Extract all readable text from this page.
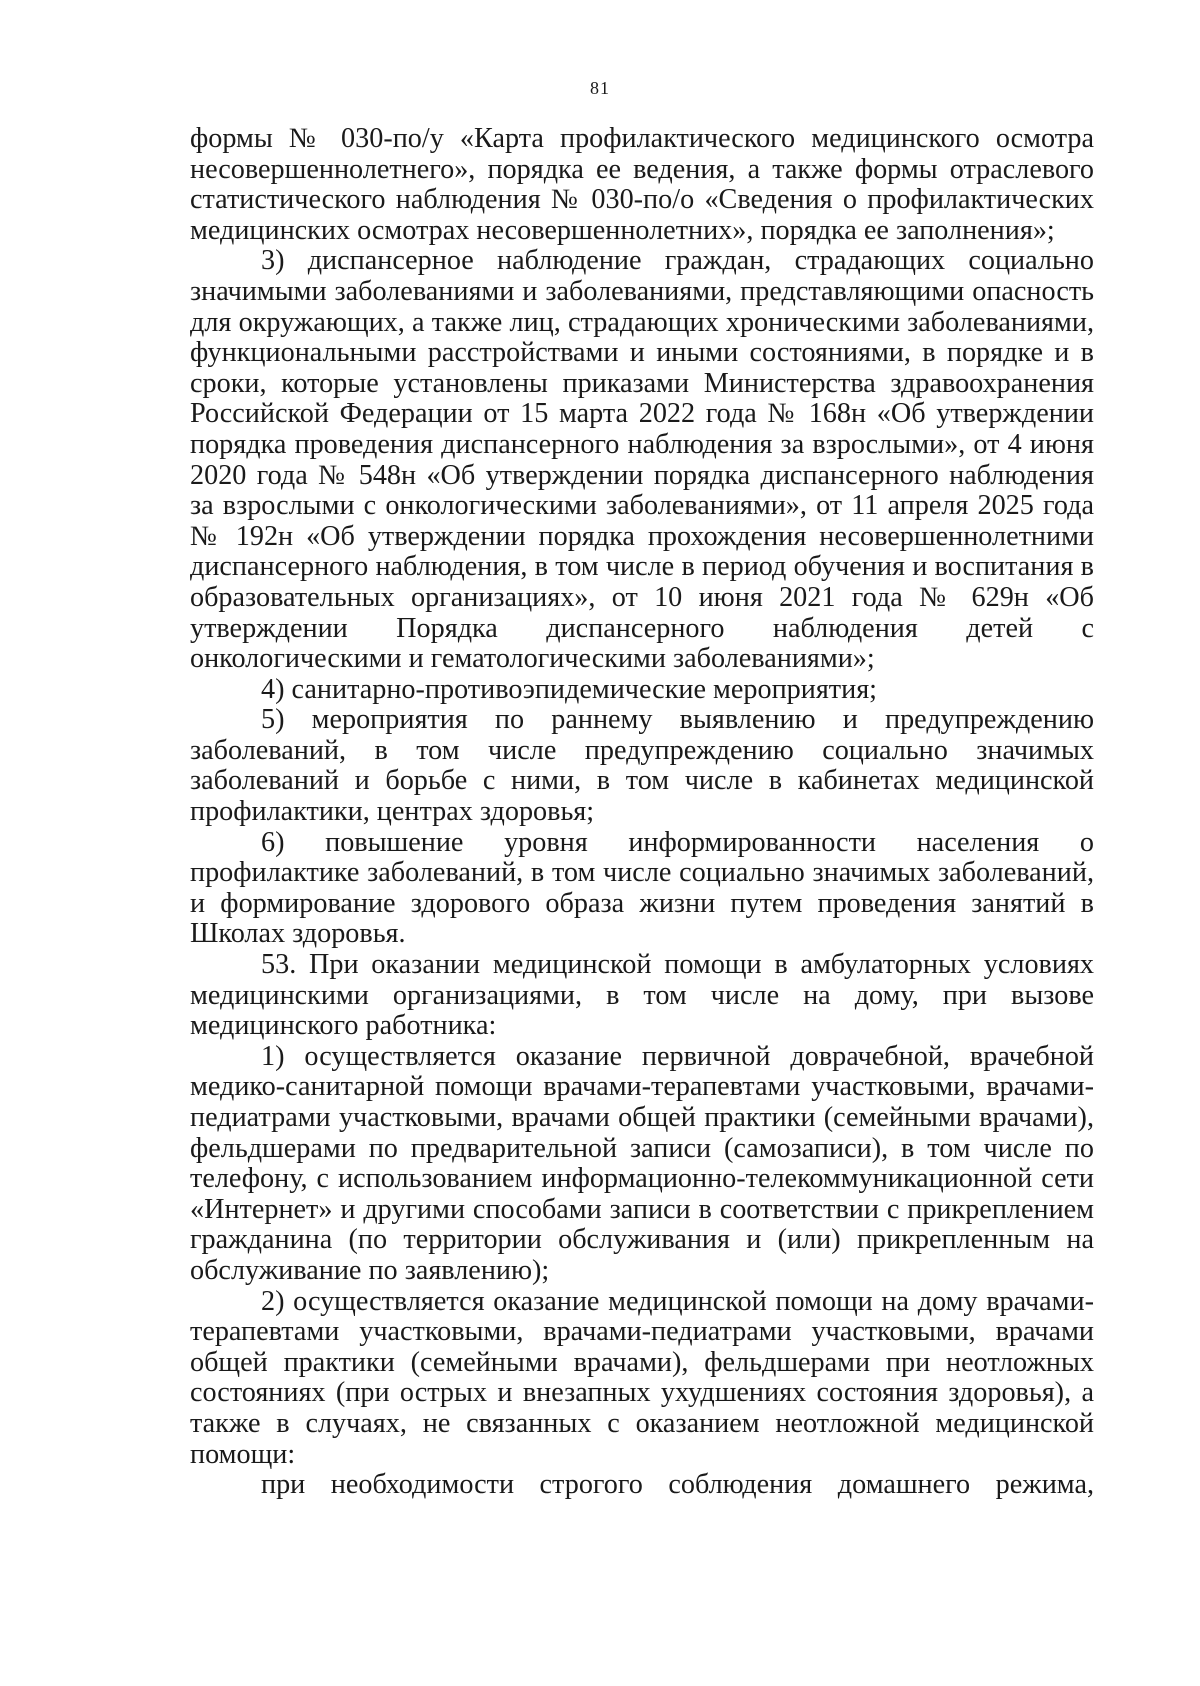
81

формы № 030-по/у «Карта профилактического медицинского осмотра несовершеннолетнего», порядка ее ведения, а также формы отраслевого статистического наблюдения № 030-по/о «Сведения о профилактических медицинских осмотрах несовершеннолетних», порядка ее заполнения»;

3) диспансерное наблюдение граждан, страдающих социально значимыми заболеваниями и заболеваниями, представляющими опасность для окружающих, а также лиц, страдающих хроническими заболеваниями, функциональными расстройствами и иными состояниями, в порядке и в сроки, которые установлены приказами Министерства здравоохранения Российской Федерации от 15 марта 2022 года № 168н «Об утверждении порядка проведения диспансерного наблюдения за взрослыми», от 4 июня 2020 года № 548н «Об утверждении порядка диспансерного наблюдения за взрослыми с онкологическими заболеваниями», от 11 апреля 2025 года № 192н «Об утверждении порядка прохождения несовершеннолетними диспансерного наблюдения, в том числе в период обучения и воспитания в образовательных организациях», от 10 июня 2021 года № 629н «Об утверждении Порядка диспансерного наблюдения детей с онкологическими и гематологическими заболеваниями»;

4) санитарно-противоэпидемические мероприятия;

5) мероприятия по раннему выявлению и предупреждению заболеваний, в том числе предупреждению социально значимых заболеваний и борьбе с ними, в том числе в кабинетах медицинской профилактики, центрах здоровья;

6) повышение уровня информированности населения о профилактике заболеваний, в том числе социально значимых заболеваний, и формирование здорового образа жизни путем проведения занятий в Школах здоровья.

53. При оказании медицинской помощи в амбулаторных условиях медицинскими организациями, в том числе на дому, при вызове медицинского работника:

1) осуществляется оказание первичной доврачебной, врачебной медико-санитарной помощи врачами-терапевтами участковыми, врачами-педиатрами участковыми, врачами общей практики (семейными врачами), фельдшерами по предварительной записи (самозаписи), в том числе по телефону, с использованием информационно-телекоммуникационной сети «Интернет» и другими способами записи в соответствии с прикреплением гражданина (по территории обслуживания и (или) прикрепленным на обслуживание по заявлению);

2) осуществляется оказание медицинской помощи на дому врачами-терапевтами участковыми, врачами-педиатрами участковыми, врачами общей практики (семейными врачами), фельдшерами при неотложных состояниях (при острых и внезапных ухудшениях состояния здоровья), а также в случаях, не связанных с оказанием неотложной медицинской помощи:

при необходимости строгого соблюдения домашнего режима,
